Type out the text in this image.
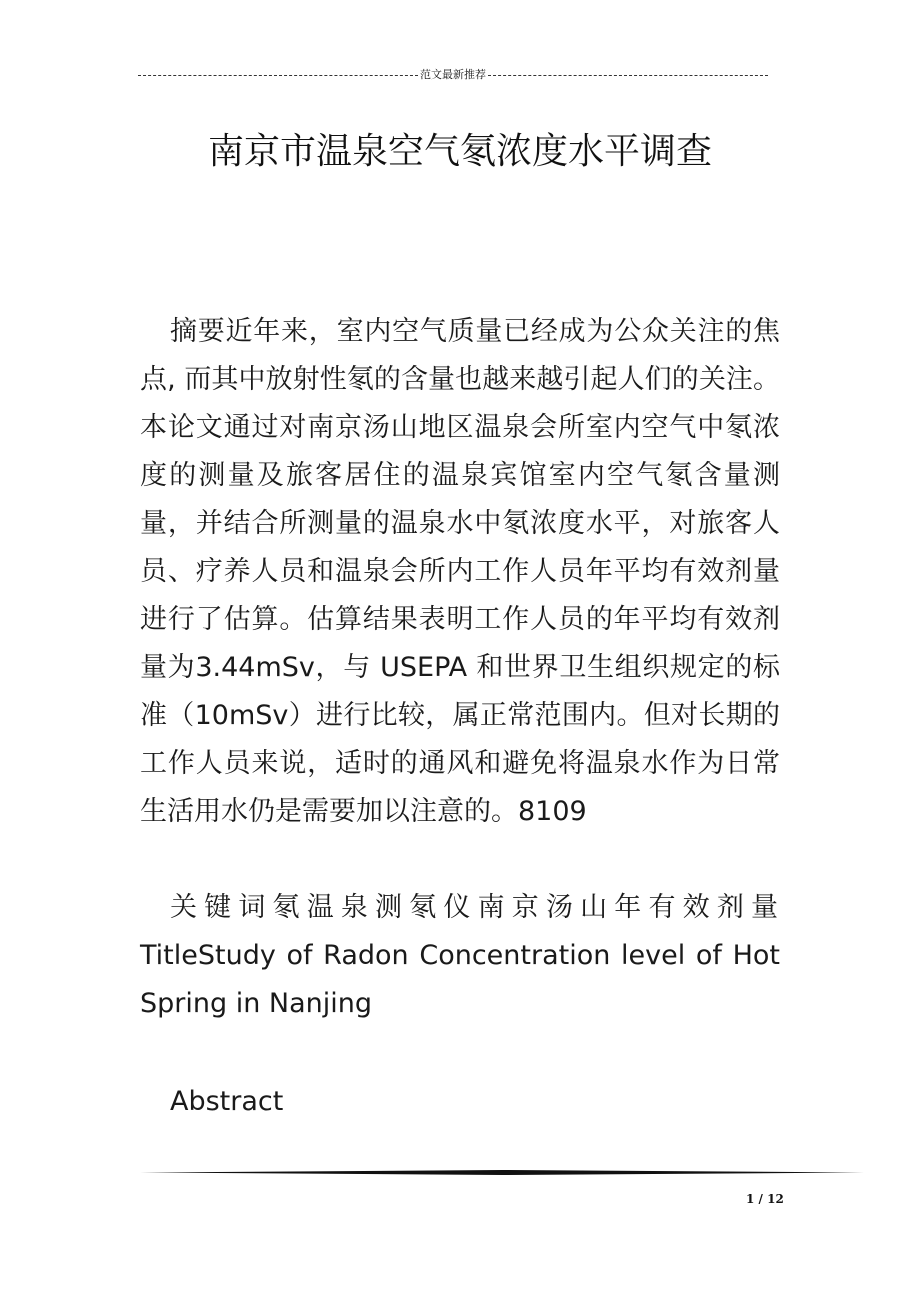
范文最新推荐
南京市温泉空气氡浓度水平调查
摘要近年来，室内空气质量已经成为公众关注的焦点, 而其中放射性氡的含量也越来越引起人们的关注。本论文通过对南京汤山地区温泉会所室内空气中氡浓度的测量及旅客居住的温泉宾馆室内空气氡含量测量，并结合所测量的温泉水中氡浓度水平，对旅客人员、疗养人员和温泉会所内工作人员年平均有效剂量进行了估算。估算结果表明工作人员的年平均有效剂量为3.44mSv，与 USEPA 和世界卫生组织规定的标准（10mSv）进行比较，属正常范围内。但对长期的工作人员来说，适时的通风和避免将温泉水作为日常生活用水仍是需要加以注意的。8109
关键词氡温泉测氡仪南京汤山年有效剂量
TitleStudy of Radon Concentration level of Hot
Spring in Nanjing
Abstract
1 / 12
